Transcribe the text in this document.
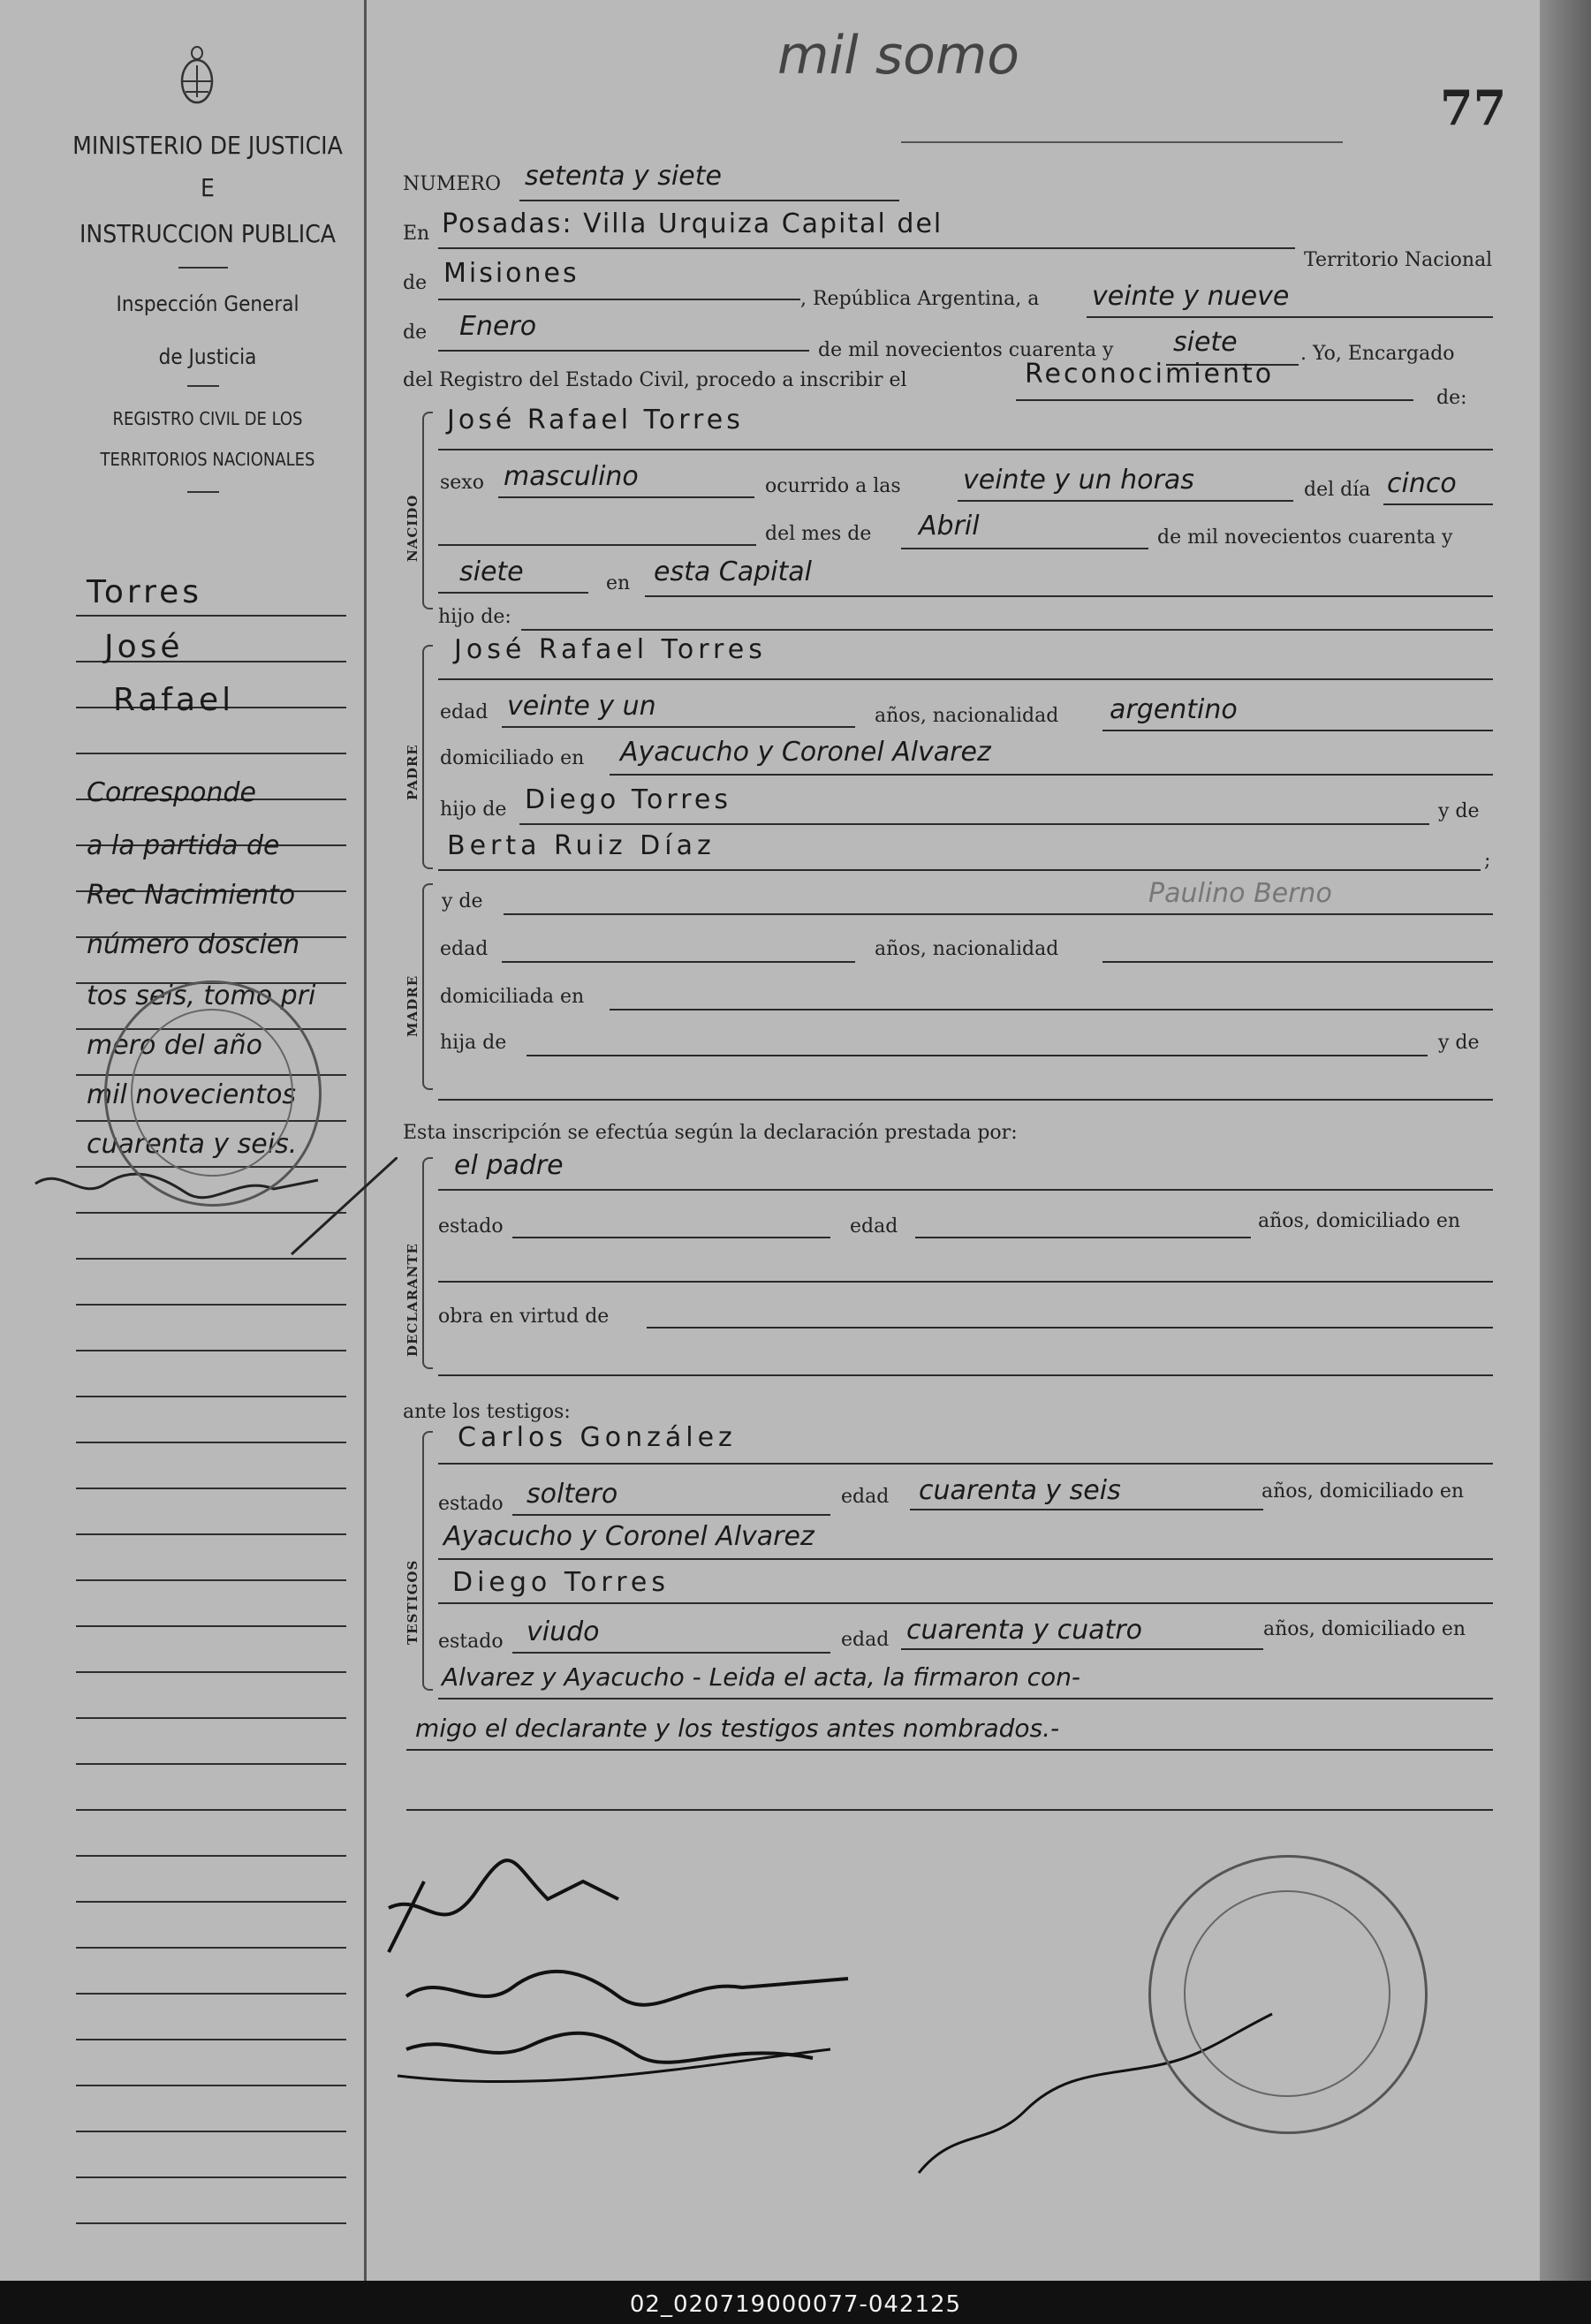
MINISTERIO DE JUSTICIA
E
INSTRUCCION PUBLICA
Inspección General
de Justicia
REGISTRO CIVIL DE LOS
TERRITORIOS NACIONALES
mil somo
77
Torres
José
Rafael
Corresponde
a la partida de
Rec Nacimiento
número doscien
tos seis, tomo pri
mero del año
mil novecientos
cuarenta y seis.
NUMERO setenta y siete
En Posadas: Villa Urquiza Capital del
Territorio Nacional
de Misiones
, República Argentina, a veinte y nueve
de Enero
de mil novecientos cuarenta y siete	. Yo, Encargado
del Registro del Estado Civil, procedo a inscribir el	Reconocimiento
de:
NACIDO
José Rafael Torres
sexo masculino	ocurrido a las veinte y un horas	del día cinco
del mes de Abril	de mil novecientos cuarenta y
siete	en esta Capital
hijo de:
PADRE
José Rafael Torres
edad veinte y un	años, nacionalidad argentino
domiciliado en Ayacucho y Coronel Alvarez
hijo de Diego Torres	y de
Berta Ruiz Díaz	;
MADRE
y de	Paulino Berno
edad	años, nacionalidad
domiciliada en
hija de	y de
Esta inscripción se efectúa según la declaración prestada por:
DECLARANTE
el padre
estado	edad	años, domiciliado en
obra en virtud de
ante los testigos:
TESTIGOS
Carlos González
estado soltero	edad cuarenta y seis	años, domiciliado en
Ayacucho y Coronel Alvarez
Diego Torres
estado viudo	edad cuarenta y cuatro	años, domiciliado en
Alvarez y Ayacucho - Leida el acta, la firmaron con-
migo el declarante y los testigos antes nombrados.-
02_020719000077-042125
